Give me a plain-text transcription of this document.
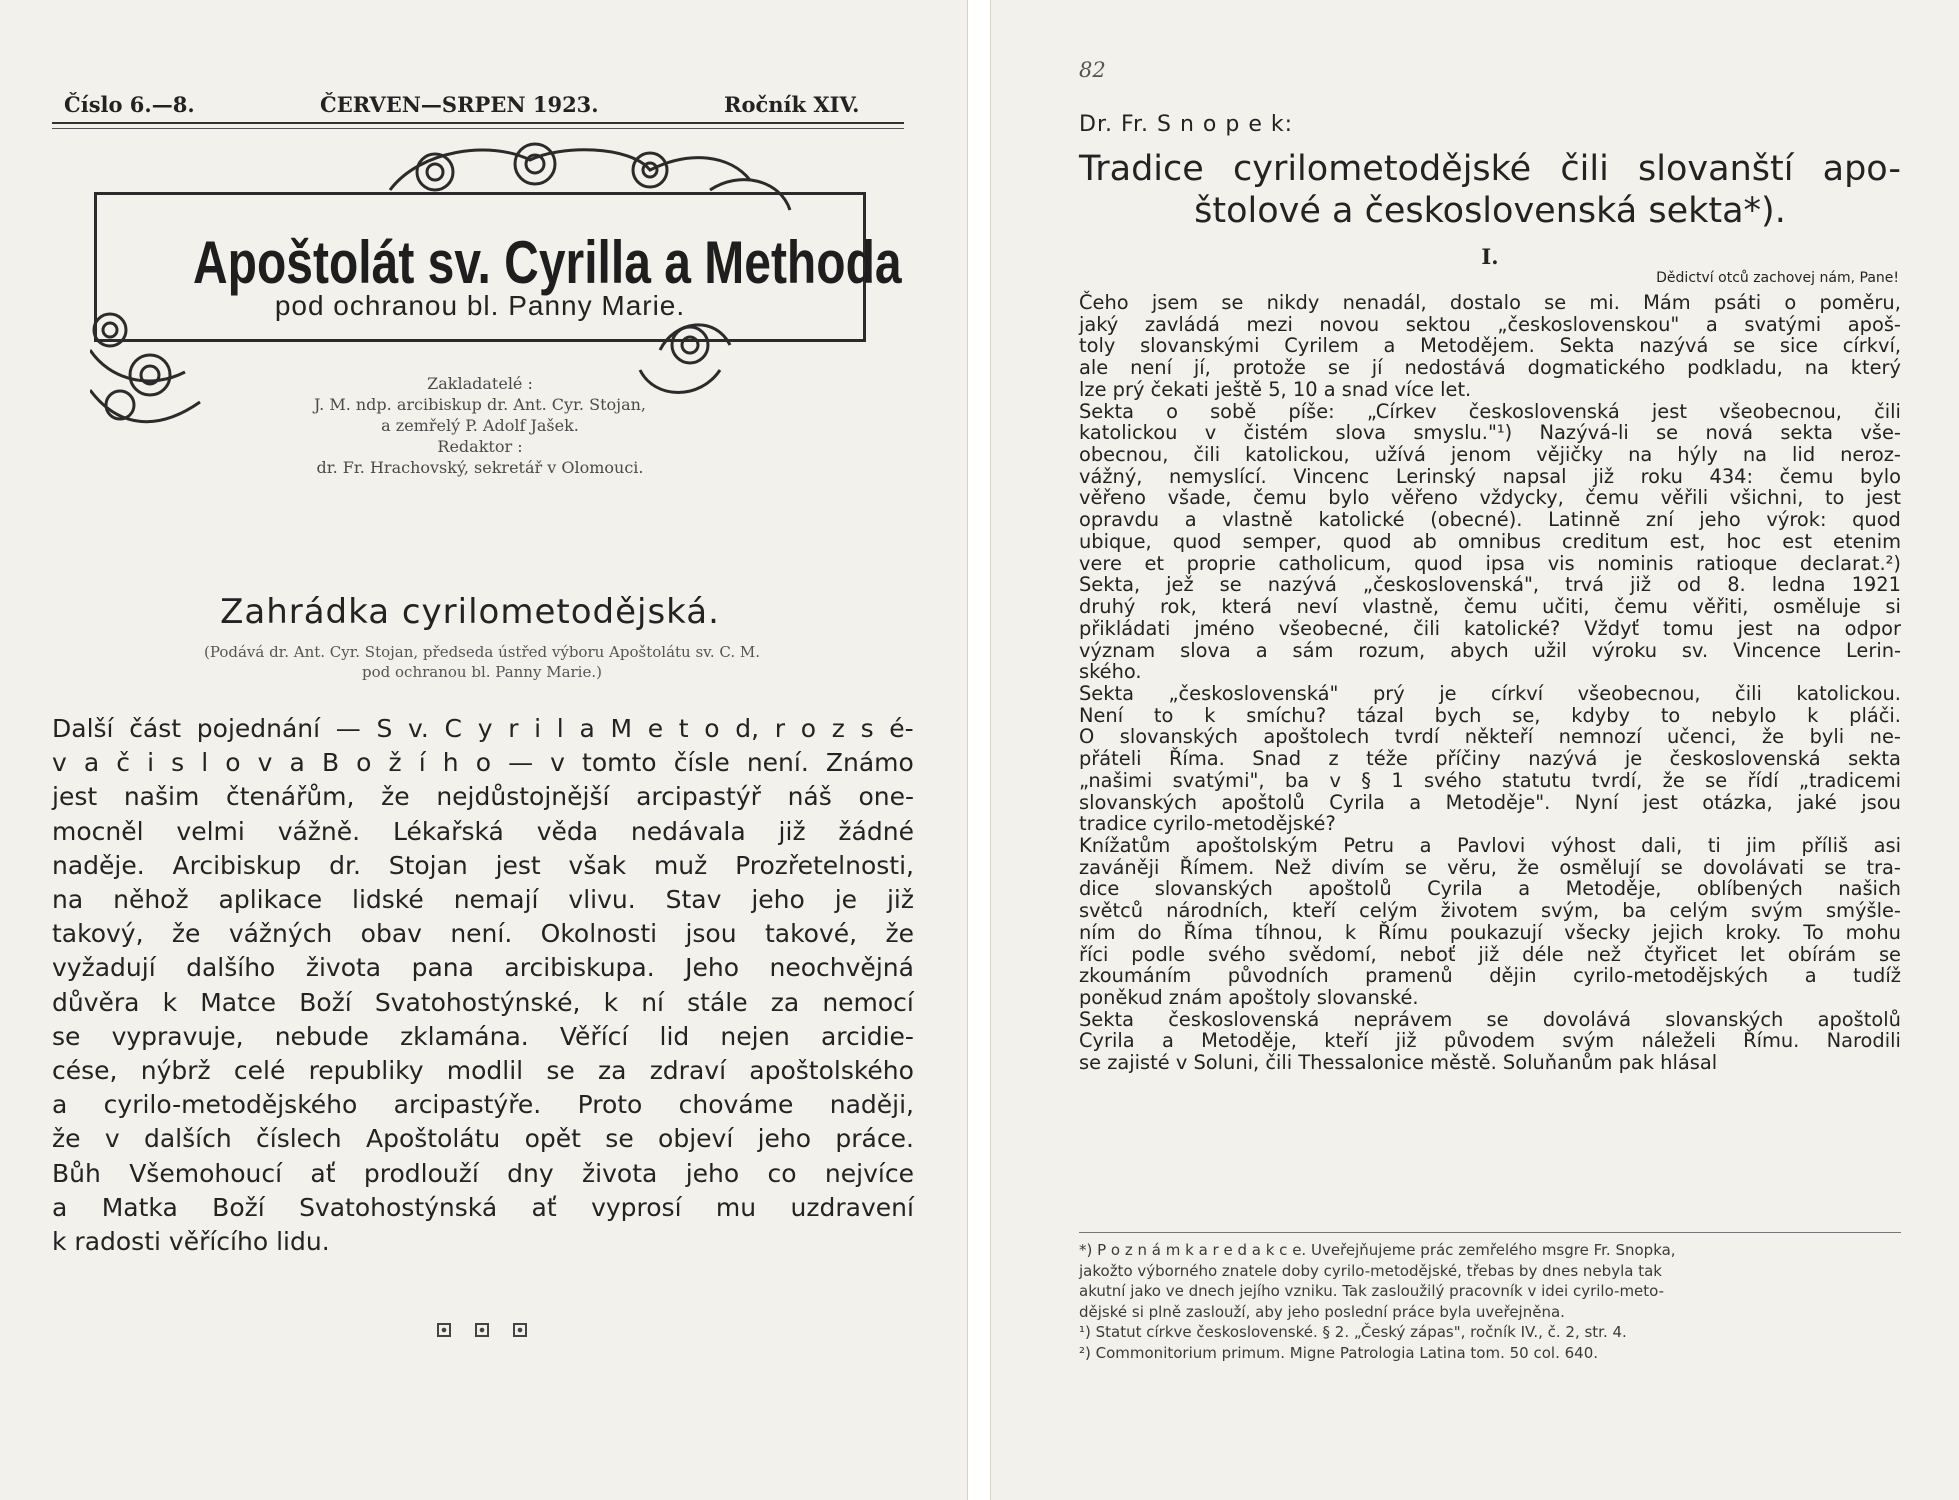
Číslo 6.—8.	ČERVEN—SRPEN 1923.	Ročník XIV.
Apoštolát sv. Cyrilla a Methoda
pod ochranou bl. Panny Marie.
Zakladatelé :
J. M. ndp. arcibiskup dr. Ant. Cyr. Stojan,
a zemřelý P. Adolf Jašek.
Redaktor :
dr. Fr. Hrachovský, sekretář v Olomouci.
Zahrádka cyrilometodějská.
(Podává dr. Ant. Cyr. Stojan, předseda ústřed výboru Apoštolátu sv. C. M.
pod ochranou bl. Panny Marie.)
Další část pojednání — S v. C y r i l a M e t o d, r o z s é-
v a č i s l o v a B o ž í h o — v tomto čísle není. Známo
jest našim čtenářům, že nejdůstojnější arcipastýř náš one-
mocněl velmi vážně. Lékařská věda nedávala již žádné
naděje. Arcibiskup dr. Stojan jest však muž Prozřetelnosti,
na něhož aplikace lidské nemají vlivu. Stav jeho je již
takový, že vážných obav není. Okolnosti jsou takové, že
vyžadují dalšího života pana arcibiskupa. Jeho neochvějná
důvěra k Matce Boží Svatohostýnské, k ní stále za nemocí
se vypravuje, nebude zklamána. Věřící lid nejen arcidie-
cése, nýbrž celé republiky modlil se za zdraví apoštolského
a cyrilo-metodějského arcipastýře. Proto chováme naději,
že v dalších číslech Apoštolátu opět se objeví jeho práce.
Bůh Všemohoucí ať prodlouží dny života jeho co nejvíce
a Matka Boží Svatohostýnská ať vyprosí mu uzdravení
k radosti věřícího lidu.
82
Dr. Fr. S n o p e k:
Tradice cyrilometodějské čili slovanští apo-
štolové a československá sekta*).
I.
Dědictví otců zachovej nám, Pane!
Čeho jsem se nikdy nenadál, dostalo se mi. Mám psáti o poměru,
jaký zavládá mezi novou sektou „československou" a svatými apoš-
toly slovanskými Cyrilem a Metodějem. Sekta nazývá se sice církví,
ale není jí, protože se jí nedostává dogmatického podkladu, na který
lze prý čekati ještě 5, 10 a snad více let.
Sekta o sobě píše: „Církev československá jest všeobecnou, čili
katolickou v čistém slova smyslu."¹) Nazývá-li se nová sekta vše-
obecnou, čili katolickou, užívá jenom vějičky na hýly na lid neroz-
vážný, nemyslící. Vincenc Lerinský napsal již roku 434: čemu bylo
věřeno všade, čemu bylo věřeno vždycky, čemu věřili všichni, to jest
opravdu a vlastně katolické (obecné). Latinně zní jeho výrok: quod
ubique, quod semper, quod ab omnibus creditum est, hoc est etenim
vere et proprie catholicum, quod ipsa vis nominis ratioque declarat.²)
Sekta, jež se nazývá „československá", trvá již od 8. ledna 1921
druhý rok, která neví vlastně, čemu učiti, čemu věřiti, osměluje si
přikládati jméno všeobecné, čili katolické? Vždyť tomu jest na odpor
význam slova a sám rozum, abych užil výroku sv. Vincence Lerin-
ského.
Sekta „československá" prý je církví všeobecnou, čili katolickou.
Není to k smíchu? tázal bych se, kdyby to nebylo k pláči.
O slovanských apoštolech tvrdí někteří nemnozí učenci, že byli ne-
přáteli Říma. Snad z téže příčiny nazývá je československá sekta
„našimi svatými", ba v § 1 svého statutu tvrdí, že se řídí „tradicemi
slovanských apoštolů Cyrila a Metoděje". Nyní jest otázka, jaké jsou
tradice cyrilo-metodějské?
Knížatům apoštolským Petru a Pavlovi výhost dali, ti jim příliš asi
zaváněji Římem. Než divím se věru, že osmělují se dovolávati se tra-
dice slovanských apoštolů Cyrila a Metoděje, oblíbených našich
světců národních, kteří celým životem svým, ba celým svým smýšle-
ním do Říma tíhnou, k Římu poukazují všecky jejich kroky. To mohu
říci podle svého svědomí, neboť již déle než čtyřicet let obírám se
zkoumáním původních pramenů dějin cyrilo-metodějských a tudíž
poněkud znám apoštoly slovanské.
Sekta československá neprávem se dovolává slovanských apoštolů
Cyrila a Metoděje, kteří již původem svým náleželi Římu. Narodili
se zajisté v Soluni, čili Thessalonice městě. Soluňanům pak hlásal
*) P o z n á m k a r e d a k c e. Uveřejňujeme prác zemřelého msgre Fr. Snopka,
jakožto výborného znatele doby cyrilo-metodějské, třebas by dnes nebyla tak
akutní jako ve dnech jejího vzniku. Tak zasloužilý pracovník v idei cyrilo-meto-
dějské si plně zaslouží, aby jeho poslední práce byla uveřejněna.
¹) Statut církve československé. § 2. „Český zápas", ročník IV., č. 2, str. 4.
²) Commonitorium primum. Migne Patrologia Latina tom. 50 col. 640.
